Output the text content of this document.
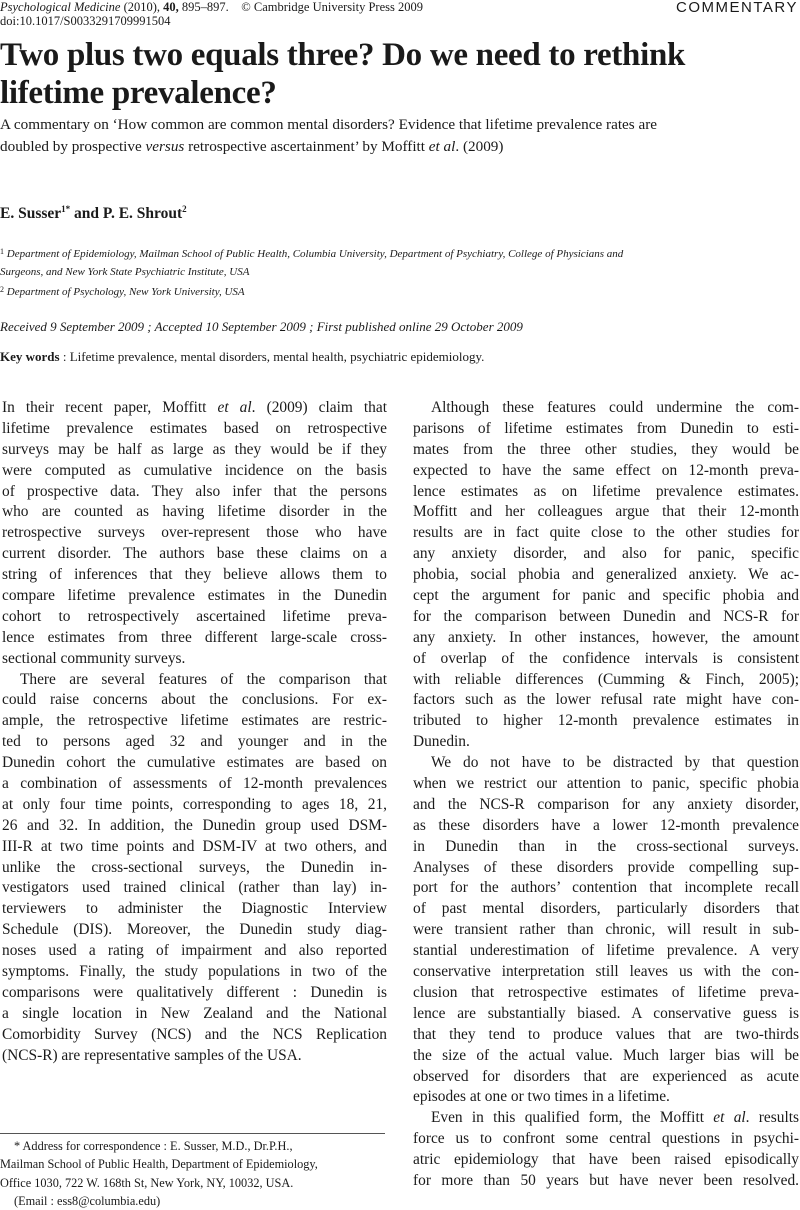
Psychological Medicine (2010), 40, 895–897. © Cambridge University Press 2009
doi:10.1017/S0033291709991504
COMMENTARY
Two plus two equals three? Do we need to rethink
lifetime prevalence?
A commentary on ‘How common are common mental disorders? Evidence that lifetime prevalence rates are
doubled by prospective versus retrospective ascertainment’ by Moffitt et al. (2009)
E. Susser$^{1*}$ and P. E. Shrout$^2$
$^1$ Department of Epidemiology, Mailman School of Public Health, Columbia University, Department of Psychiatry, College of Physicians and
Surgeons, and New York State Psychiatric Institute, USA
$^2$ Department of Psychology, New York University, USA
Received 9 September 2009 ; Accepted 10 September 2009 ; First published online 29 October 2009
Key words : Lifetime prevalence, mental disorders, mental health, psychiatric epidemiology.
In their recent paper, Moffitt et al. (2009) claim that
lifetime prevalence estimates based on retrospective
surveys may be half as large as they would be if they
were computed as cumulative incidence on the basis
of prospective data. They also infer that the persons
who are counted as having lifetime disorder in the
retrospective surveys over-represent those who have
current disorder. The authors base these claims on a
string of inferences that they believe allows them to
compare lifetime prevalence estimates in the Dunedin
cohort to retrospectively ascertained lifetime preva-
lence estimates from three different large-scale cross-
sectional community surveys.
There are several features of the comparison that
could raise concerns about the conclusions. For ex-
ample, the retrospective lifetime estimates are restric-
ted to persons aged 32 and younger and in the
Dunedin cohort the cumulative estimates are based on
a combination of assessments of 12-month prevalences
at only four time points, corresponding to ages 18, 21,
26 and 32. In addition, the Dunedin group used DSM-
III-R at two time points and DSM-IV at two others, and
unlike the cross-sectional surveys, the Dunedin in-
vestigators used trained clinical (rather than lay) in-
terviewers to administer the Diagnostic Interview
Schedule (DIS). Moreover, the Dunedin study diag-
noses used a rating of impairment and also reported
symptoms. Finally, the study populations in two of the
comparisons were qualitatively different : Dunedin is
a single location in New Zealand and the National
Comorbidity Survey (NCS) and the NCS Replication
(NCS-R) are representative samples of the USA.
Although these features could undermine the com-
parisons of lifetime estimates from Dunedin to esti-
mates from the three other studies, they would be
expected to have the same effect on 12-month preva-
lence estimates as on lifetime prevalence estimates.
Moffitt and her colleagues argue that their 12-month
results are in fact quite close to the other studies for
any anxiety disorder, and also for panic, specific
phobia, social phobia and generalized anxiety. We ac-
cept the argument for panic and specific phobia and
for the comparison between Dunedin and NCS-R for
any anxiety. In other instances, however, the amount
of overlap of the confidence intervals is consistent
with reliable differences (Cumming & Finch, 2005);
factors such as the lower refusal rate might have con-
tributed to higher 12-month prevalence estimates in
Dunedin.
We do not have to be distracted by that question
when we restrict our attention to panic, specific phobia
and the NCS-R comparison for any anxiety disorder,
as these disorders have a lower 12-month prevalence
in Dunedin than in the cross-sectional surveys.
Analyses of these disorders provide compelling sup-
port for the authors’ contention that incomplete recall
of past mental disorders, particularly disorders that
were transient rather than chronic, will result in sub-
stantial underestimation of lifetime prevalence. A very
conservative interpretation still leaves us with the con-
clusion that retrospective estimates of lifetime preva-
lence are substantially biased. A conservative guess is
that they tend to produce values that are two-thirds
the size of the actual value. Much larger bias will be
observed for disorders that are experienced as acute
episodes at one or two times in a lifetime.
Even in this qualified form, the Moffitt et al. results
force us to confront some central questions in psychi-
atric epidemiology that have been raised episodically
for more than 50 years but have never been resolved.
* Address for correspondence : E. Susser, M.D., Dr.P.H.,
Mailman School of Public Health, Department of Epidemiology,
Office 1030, 722 W. 168th St, New York, NY, 10032, USA.
(Email : ess8@columbia.edu)
